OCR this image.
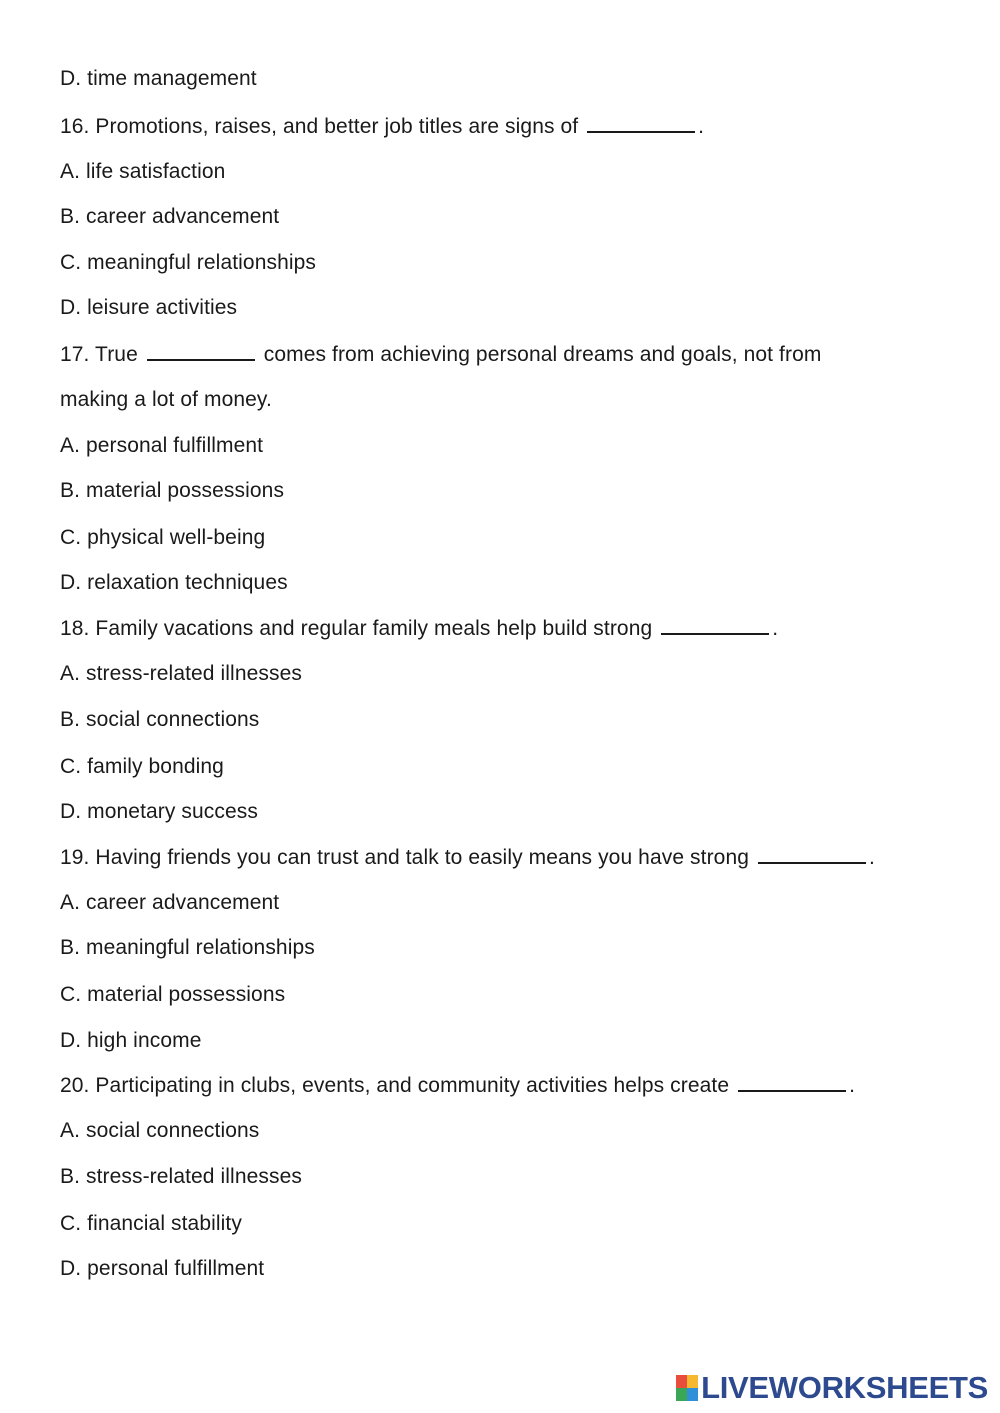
D. time management
16. Promotions, raises, and better job titles are signs of	.
A. life satisfaction
B. career advancement
C. meaningful relationships
D. leisure activities
17. True	comes from achieving personal dreams and goals, not from
making a lot of money.
A. personal fulfillment
B. material possessions
C. physical well-being
D. relaxation techniques
18. Family vacations and regular family meals help build strong	.
A. stress-related illnesses
B. social connections
C. family bonding
D. monetary success
19. Having friends you can trust and talk to easily means you have strong	.
A. career advancement
B. meaningful relationships
C. material possessions
D. high income
20. Participating in clubs, events, and community activities helps create	.
A. social connections
B. stress-related illnesses
C. financial stability
D. personal fulfillment
LIVEWORKSHEETS
